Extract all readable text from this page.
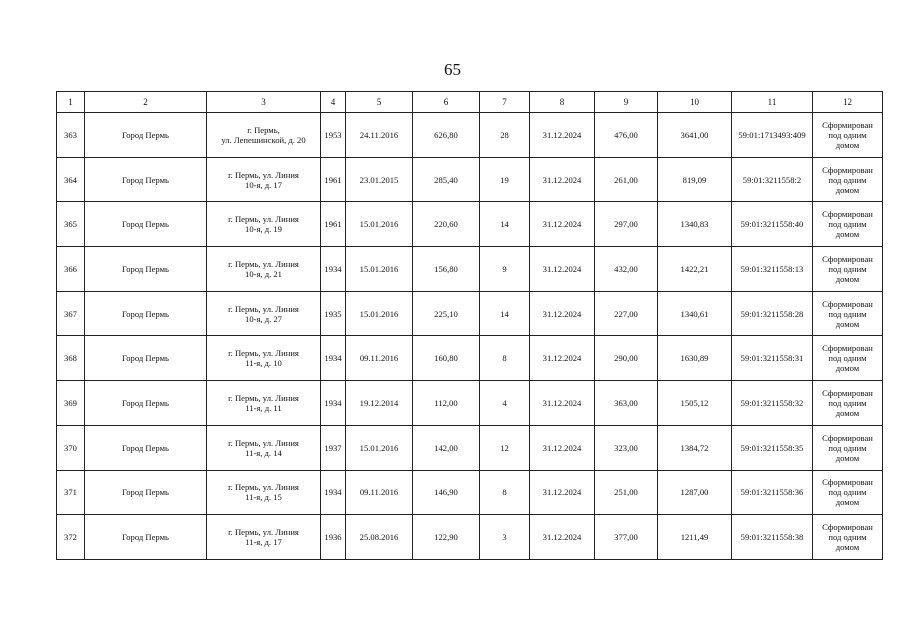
65
1	2	3	4	5	6	7	8	9	10	11	12
363	Город Пермь	г. Пермь,
ул. Лепешинской, д. 20	1953	24.11.2016	626,80	28	31.12.2024	476,00	3641,00	59:01:1713493:409	Сформирован
под одним
домом
364	Город Пермь	г. Пермь, ул. Линия
10-я, д. 17	1961	23.01.2015	285,40	19	31.12.2024	261,00	819,09	59:01:3211558:2	Сформирован
под одним
домом
365	Город Пермь	г. Пермь, ул. Линия
10-я, д. 19	1961	15.01.2016	220,60	14	31.12.2024	297,00	1340,83	59:01:3211558:40	Сформирован
под одним
домом
366	Город Пермь	г. Пермь, ул. Линия
10-я, д. 21	1934	15.01.2016	156,80	9	31.12.2024	432,00	1422,21	59:01:3211558:13	Сформирован
под одним
домом
367	Город Пермь	г. Пермь, ул. Линия
10-я, д. 27	1935	15.01.2016	225,10	14	31.12.2024	227,00	1340,61	59:01:3211558:28	Сформирован
под одним
домом
368	Город Пермь	г. Пермь, ул. Линия
11-я, д. 10	1934	09.11.2016	160,80	8	31.12.2024	290,00	1630,89	59:01:3211558:31	Сформирован
под одним
домом
369	Город Пермь	г. Пермь, ул. Линия
11-я, д. 11	1934	19.12.2014	112,00	4	31.12.2024	363,00	1505,12	59:01:3211558:32	Сформирован
под одним
домом
370	Город Пермь	г. Пермь, ул. Линия
11-я, д. 14	1937	15.01.2016	142,00	12	31.12.2024	323,00	1384,72	59:01:3211558:35	Сформирован
под одним
домом
371	Город Пермь	г. Пермь, ул. Линия
11-я, д. 15	1934	09.11.2016	146,90	8	31.12.2024	251,00	1287,00	59:01:3211558:36	Сформирован
под одним
домом
372	Город Пермь	г. Пермь, ул. Линия
11-я, д. 17	1936	25.08.2016	122,90	3	31.12.2024	377,00	1211,49	59:01:3211558:38	Сформирован
под одним
домом
